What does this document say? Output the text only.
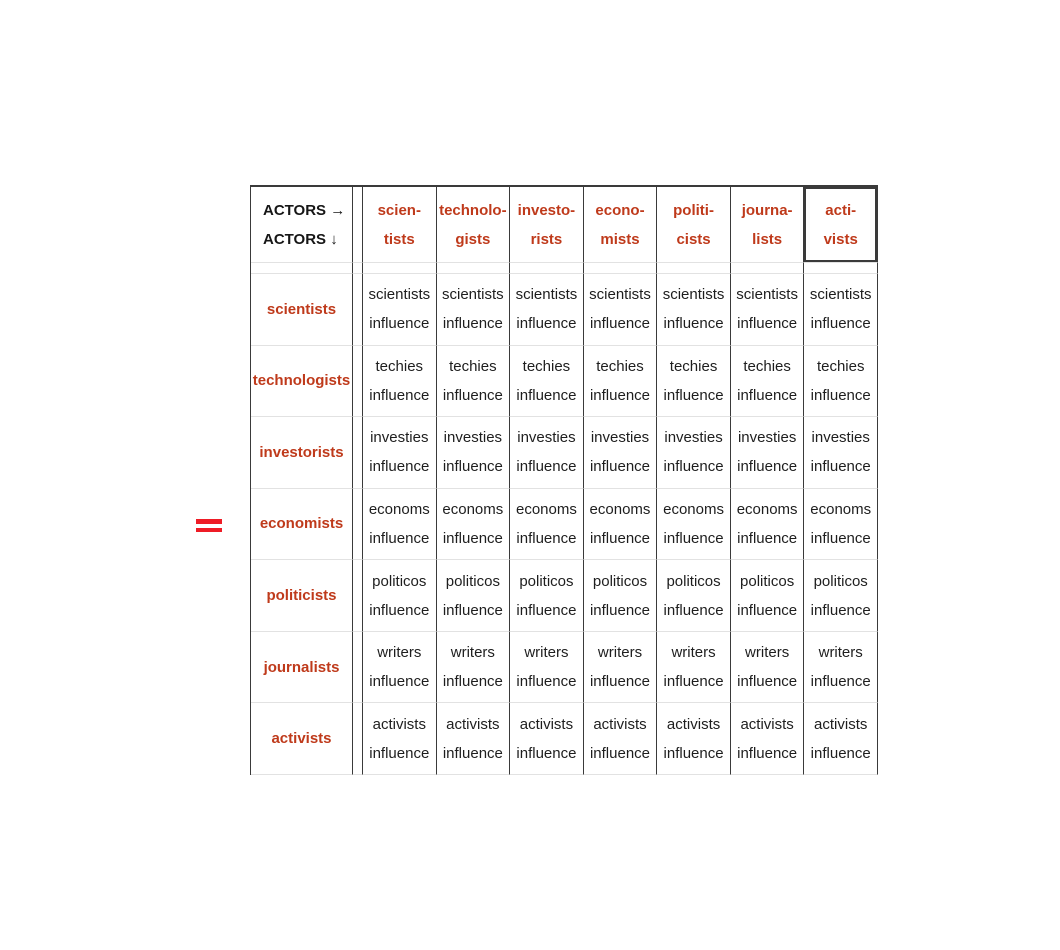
ACTORS →
ACTORS ↓
scien-
tists
technolo-
gists
investo-
rists
econo-
mists
politi-
cists
journa-
lists
acti-
vists
scientists
scientists
influence
scientists
influence
scientists
influence
scientists
influence
scientists
influence
scientists
influence
scientists
influence
technologists
techies
influence
techies
influence
techies
influence
techies
influence
techies
influence
techies
influence
techies
influence
investorists
investies
influence
investies
influence
investies
influence
investies
influence
investies
influence
investies
influence
investies
influence
economists
economs
influence
economs
influence
economs
influence
economs
influence
economs
influence
economs
influence
economs
influence
politicists
politicos
influence
politicos
influence
politicos
influence
politicos
influence
politicos
influence
politicos
influence
politicos
influence
journalists
writers
influence
writers
influence
writers
influence
writers
influence
writers
influence
writers
influence
writers
influence
activists
activists
influence
activists
influence
activists
influence
activists
influence
activists
influence
activists
influence
activists
influence
